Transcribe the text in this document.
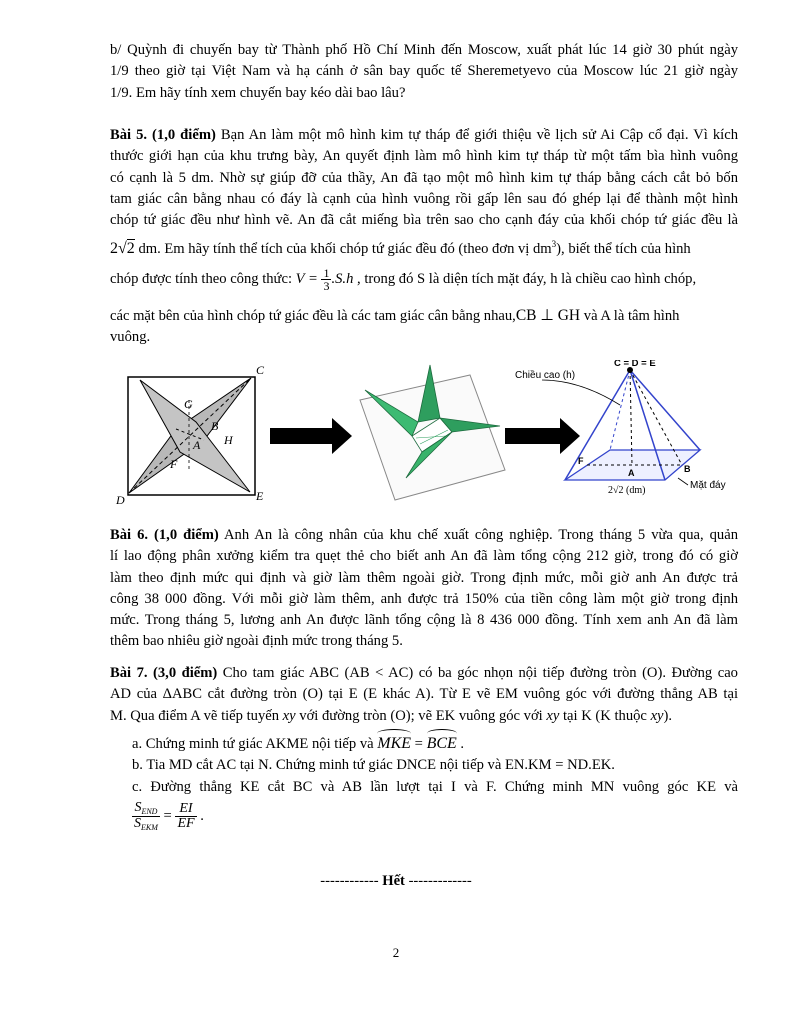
b/ Quỳnh đi chuyến bay từ Thành phố Hồ Chí Minh đến Moscow, xuất phát lúc 14 giờ 30 phút ngày
1/9 theo giờ tại Việt Nam và hạ cánh ở sân bay quốc tế Sheremetyevo của Moscow lúc 21 giờ ngày
1/9. Em hãy tính xem chuyến bay kéo dài bao lâu?
Bài 5. (1,0 điểm) Bạn An làm một mô hình kim tự tháp để giới thiệu về lịch sử Ai Cập cổ đại. Vì kích
thước giới hạn của khu trưng bày, An quyết định làm mô hình kim tự tháp từ một tấm bìa hình vuông
có cạnh là 5 dm. Nhờ sự giúp đỡ của thầy, An đã tạo một mô hình kim tự tháp bằng cách cắt bỏ bốn
tam giác cân bằng nhau có đáy là cạnh của hình vuông rồi gấp lên sau đó ghép lại để thành một hình
chóp tứ giác đều như hình vẽ. An đã cắt miếng bìa trên sao cho cạnh đáy của khối chóp tứ giác đều là
2√2 dm. Em hãy tính thể tích của khối chóp tứ giác đều đó (theo đơn vị $dm^3$), biết thể tích của hình
chóp được tính theo công thức: $V = \frac{1}{3} .S.h$ , trong đó S là diện tích mặt đáy, h là chiều cao hình chóp,
các mặt bên của hình chóp tứ giác đều là các tam giác cân bằng nhau,CB ⊥ GH và A là tâm hình
vuông.
C
G
B
H
A
F
D	E
Chiều cao (h)
C = D = E
F
A	B
2√2 (dm)	Mặt đáy
Bài 6. (1,0 điểm) Anh An là công nhân của khu chế xuất công nghiệp. Trong tháng 5 vừa qua, quản
lí lao động phân xưởng kiểm tra quẹt thẻ cho biết anh An đã làm tổng cộng 212 giờ, trong đó có giờ
làm theo định mức qui định và giờ làm thêm ngoài giờ. Trong định mức, mỗi giờ anh An được trả
công 38 000 đồng. Với mỗi giờ làm thêm, anh được trả 150% của tiền công làm một giờ trong định
mức. Trong tháng 5, lương anh An được lãnh tổng cộng là 8 436 000 đồng. Tính xem anh An đã làm
thêm bao nhiêu giờ ngoài định mức trong tháng 5.
Bài 7. (3,0 điểm) Cho tam giác ABC (AB < AC) có ba góc nhọn nội tiếp đường tròn (O). Đường cao
AD của ΔABC cắt đường tròn (O) tại E (E khác A). Từ E vẽ EM vuông góc với đường thẳng AB tại
M. Qua điểm A vẽ tiếp tuyến xy với đường tròn (O); vẽ EK vuông góc với xy tại K (K thuộc xy).
a. Chứng minh tứ giác AKME nội tiếp và MKE = BCE .
b. Tia MD cắt AC tại N. Chứng minh tứ giác DNCE nội tiếp và EN.KM = ND.EK.
c. Đường thẳng KE cắt BC và AB lần lượt tại I và F. Chứng minh MN vuông góc KE và
$\frac{S_{END}}{S_{EKM}} = \frac{EI}{EF}$ .
------------ Hết -------------
2
